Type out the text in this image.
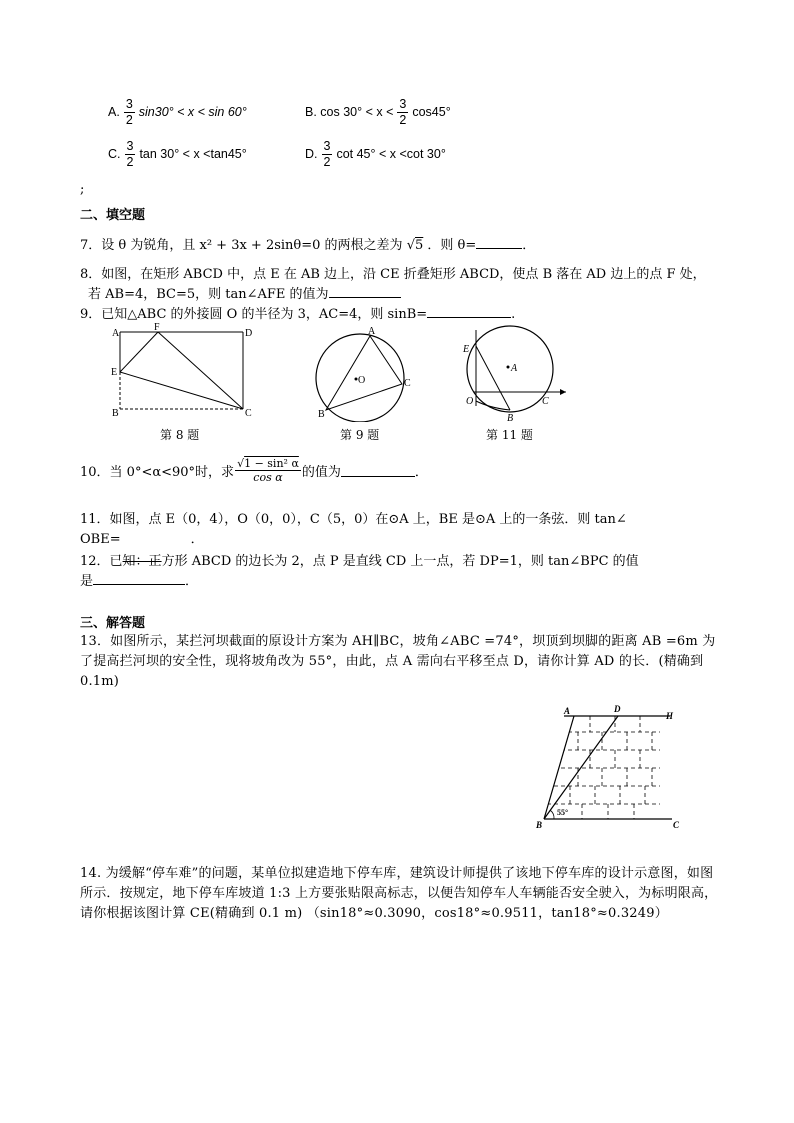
A. $\frac{3}{2} \sin 30^\circ < x < \sin 60^\circ$	B. $\cos 30^\circ < x < \frac{3}{2} \cos 45^\circ$
C. $\frac{3}{2}$ tan 30° < x <tan45°	D. $\frac{3}{2}$ cot 45° < x <cot 30°
;
二、填空题
7．设 θ 为锐角，且 x² + 3x + 2sinθ=0 的两根之差为 √5 ．则 θ=	．
8．如图，在矩形 ABCD 中，点 E 在 AB 边上，沿 CE 折叠矩形 ABCD，使点 B 落在 AD 边上的点 F 处，
若 AB=4，BC=5，则 tan∠AFE 的值为
9．已知△ABC 的外接圆 O 的半径为 3，AC=4，则 sinB=	.
A
F
D
E
B	C
第 8 题
A
O	C
B
第 9 题
E
A
O
B
C
第 11 题
10．当 0°<α<90°时，求 $\frac{\text{√1 − sin² α}}{\text{cos α}}$ 的值为	．
11．如图，点 E（0，4），O（0，0），C（5，0）在⊙A 上，BE 是⊙A 上的一条弦．则 tan∠
OBE=	．
12．已知：正方形 ABCD 的边长为 2，点 P 是直线 CD 上一点，若 DP=1，则 tan∠BPC 的值
是	．
三、解答题
13．如图所示，某拦河坝截面的原设计方案为 AH∥BC，坡角∠ABC =74°，坝顶到坝脚的距离 AB =6m 为了提高拦河坝的安全性，现将坡角改为 55°，由此，点 A 需向右平移至点 D，请你计算 AD 的长．(精确到 0.1m)
A	D
H
B	C
55°
14. 为缓解“停车难”的问题，某单位拟建造地下停车库，建筑设计师提供了该地下停车库的设计示意图，如图所示．按规定，地下停车库坡道 1:3 上方要张贴限高标志，以便告知停车人车辆能否安全驶入，为标明限高，请你根据该图计算 CE(精确到 0.1 m) （sin18°≈0.3090，cos18°≈0.9511，tan18°≈0.3249）
